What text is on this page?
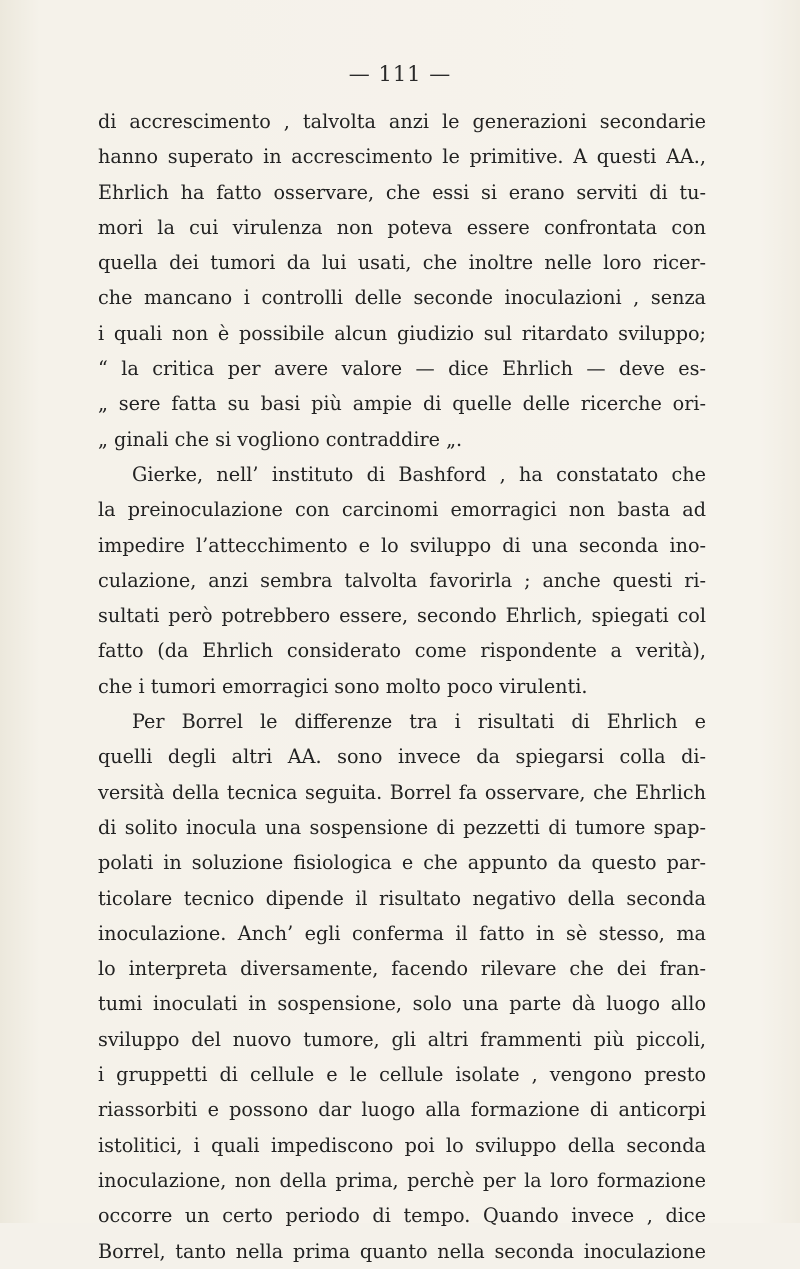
— 111 —
di accrescimento , talvolta anzi le generazioni secondarie
hanno superato in accrescimento le primitive. A questi AA.,
Ehrlich ha fatto osservare, che essi si erano serviti di tu-
mori la cui virulenza non poteva essere confrontata con
quella dei tumori da lui usati, che inoltre nelle loro ricer-
che mancano i controlli delle seconde inoculazioni , senza
i quali non è possibile alcun giudizio sul ritardato sviluppo;
“ la critica per avere valore — dice Ehrlich — deve es-
„ sere fatta su basi più ampie di quelle delle ricerche ori-
„ ginali che si vogliono contraddire „.
Gierke, nell’ instituto di Bashford , ha constatato che
la preinoculazione con carcinomi emorragici non basta ad
impedire l’attecchimento e lo sviluppo di una seconda ino-
culazione, anzi sembra talvolta favorirla ; anche questi ri-
sultati però potrebbero essere, secondo Ehrlich, spiegati col
fatto (da Ehrlich considerato come rispondente a verità),
che i tumori emorragici sono molto poco virulenti.
Per Borrel le differenze tra i risultati di Ehrlich e
quelli degli altri AA. sono invece da spiegarsi colla di-
versità della tecnica seguita. Borrel fa osservare, che Ehrlich
di solito inocula una sospensione di pezzetti di tumore spap-
polati in soluzione fisiologica e che appunto da questo par-
ticolare tecnico dipende il risultato negativo della seconda
inoculazione. Anch’ egli conferma il fatto in sè stesso, ma
lo interpreta diversamente, facendo rilevare che dei fran-
tumi inoculati in sospensione, solo una parte dà luogo allo
sviluppo del nuovo tumore, gli altri frammenti più piccoli,
i gruppetti di cellule e le cellule isolate , vengono presto
riassorbiti e possono dar luogo alla formazione di anticorpi
istolitici, i quali impediscono poi lo sviluppo della seconda
inoculazione, non della prima, perchè per la loro formazione
occorre un certo periodo di tempo. Quando invece , dice
Borrel, tanto nella prima quanto nella seconda inoculazione
